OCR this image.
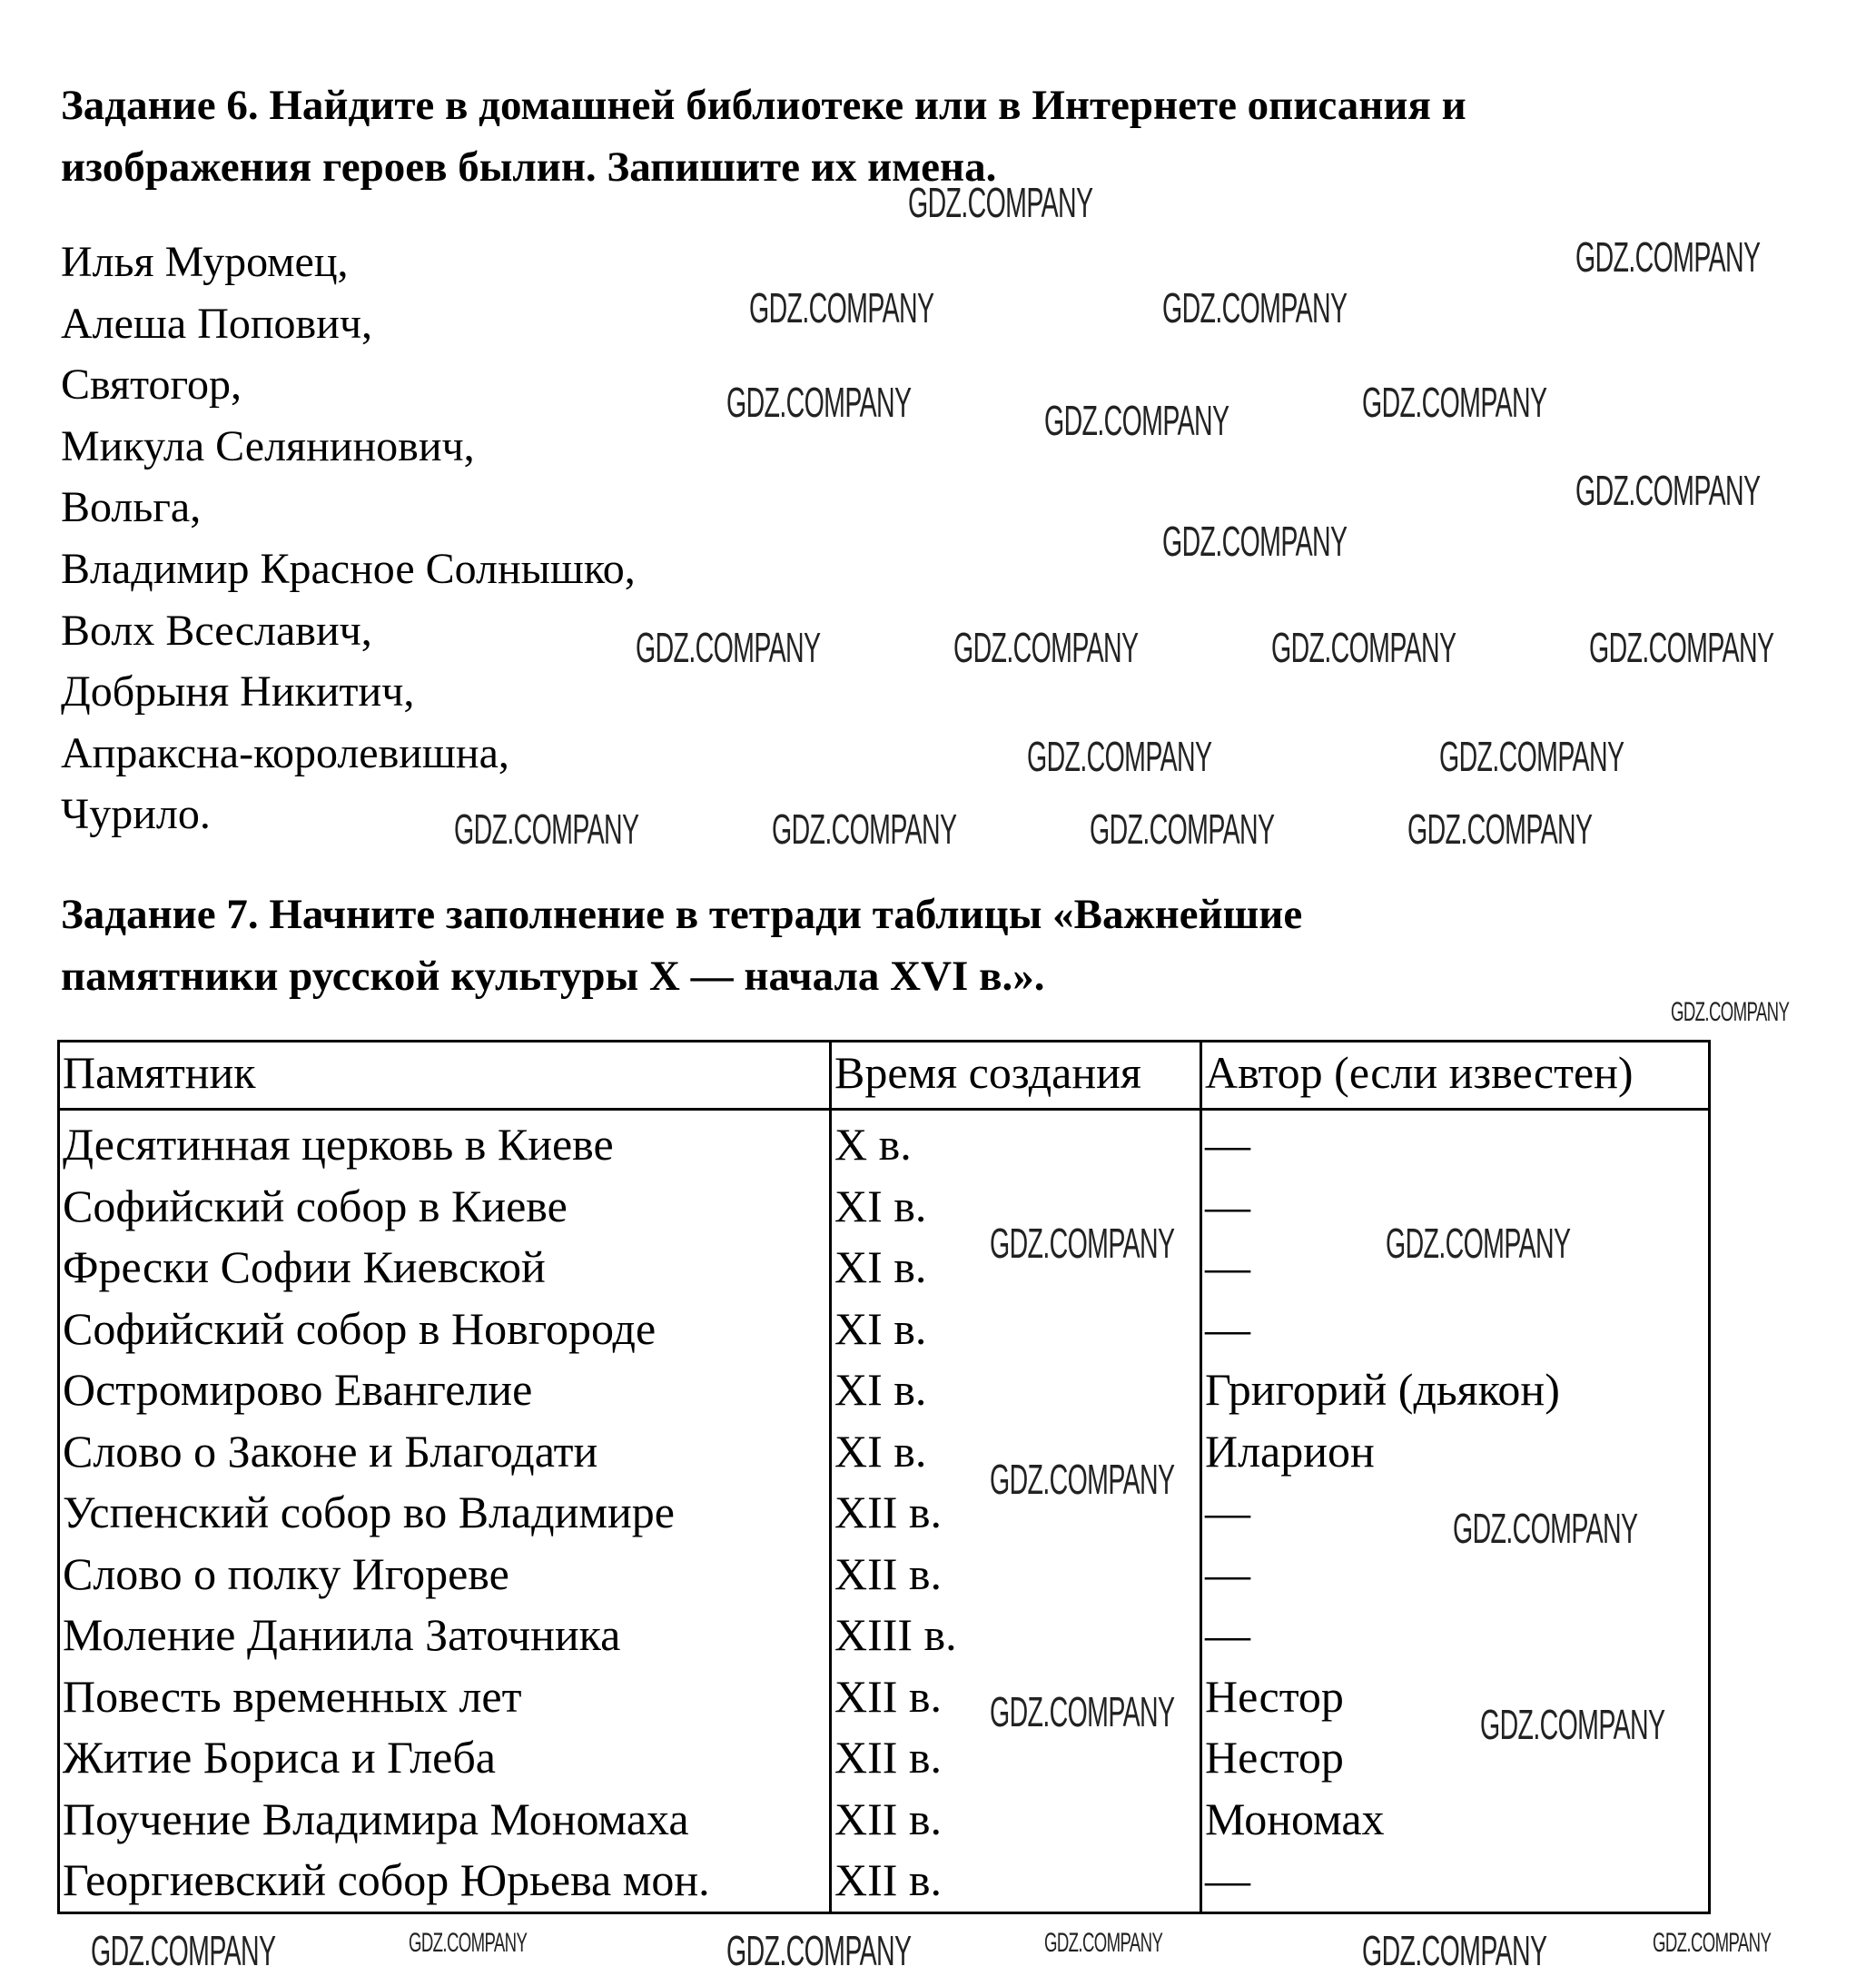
Задание 6. Найдите в домашней библиотеке или в Интернете описания и
изображения героев былин. Запишите их имена.
Илья Муромец,
Алеша Попович,
Святогор,
Микула Селянинович,
Вольга,
Владимир Красное Солнышко,
Волх Всеславич,
Добрыня Никитич,
Апраксна-королевишна,
Чурило.
Задание 7. Начните заполнение в тетради таблицы «Важнейшие
памятники русской культуры X — начала XVI в.».
Памятник	Время создания	Автор (если известен)
Десятинная церковь в Киеве	X в.	—
Софийский собор в Киеве	XI в.	—
Фрески Софии Киевской	XI в.	—
Софийский собор в Новгороде	XI в.	—
Остромирово Евангелие	XI в.	Григорий (дьякон)
Слово о Законе и Благодати	XI в.	Иларион
Успенский собор во Владимире	XII в.	—
Слово о полку Игореве	XII в.	—
Моление Даниила Заточника	XIII в.	—
Повесть временных лет	XII в.	Нестор
Житие Бориса и Глеба	XII в.	Нестор
Поучение Владимира Мономаха	XII в.	Мономах
Георгиевский собор Юрьева мон.	XII в.	—
GDZ.COMPANY
GDZ.COMPANY
GDZ.COMPANY	GDZ.COMPANY
GDZ.COMPANY
GDZ.COMPANY
GDZ.COMPANY	GDZ.COMPANY	GDZ.COMPANY
GDZ.COMPANY	GDZ.COMPANY	GDZ.COMPANY	GDZ.COMPANY
GDZ.COMPANY	GDZ.COMPANY	GDZ.COMPANY	GDZ.COMPANY
GDZ.COMPANY	GDZ.COMPANY
GDZ.COMPANY
GDZ.COMPANY	GDZ.COMPANY
GDZ.COMPANY
GDZ.COMPANY
GDZ.COMPANY	GDZ.COMPANY
GDZ.COMPANY	GDZ.COMPANY	GDZ.COMPANY	GDZ.COMPANY	GDZ.COMPANY	GDZ.COMPANY
